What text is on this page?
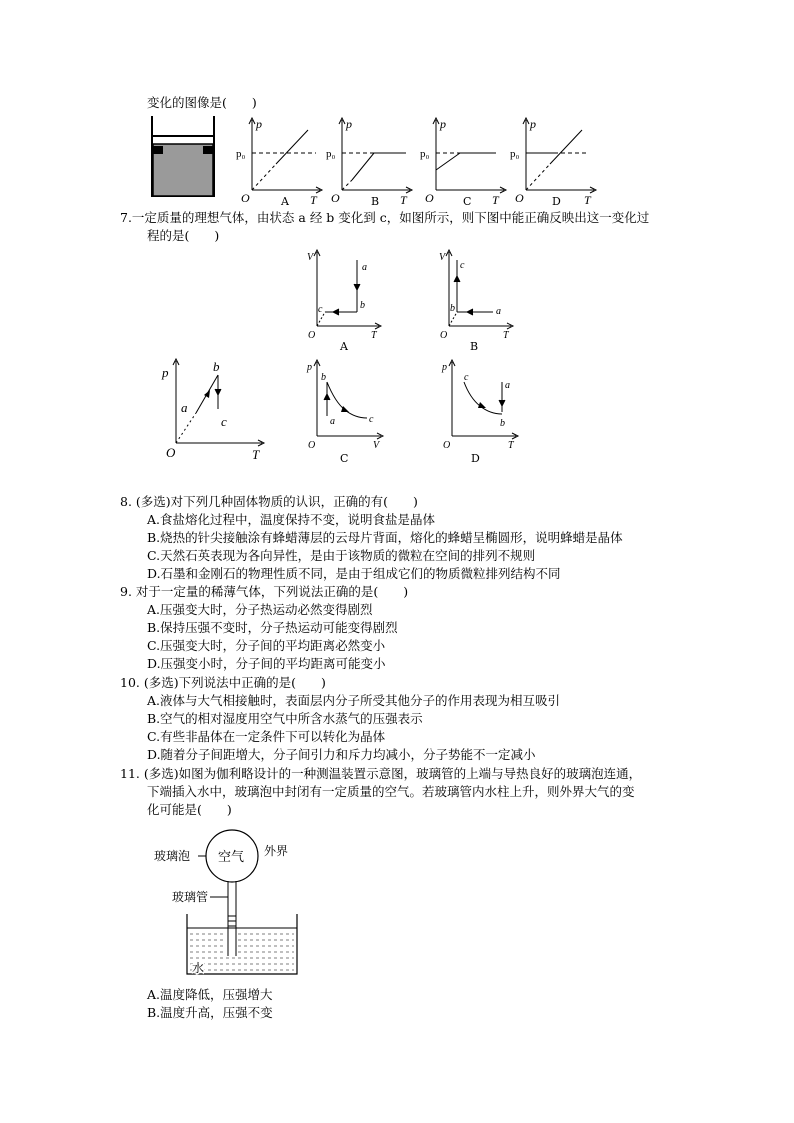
变化的图像是(　　)
p
p₀
O	T
A
p
p₀
O	T
B
p
p₀
O	T
C
p
p₀
O	T
D
7.一定质量的理想气体，由状态 a 经 b 变化到 c，如图所示，则下图中能正确反映出这一变化过
程的是(　　)
V
O	T
a
b
c
A
V
O	T
c
b	a
B
p
O	T
a
b
c
p
O	V
b
a	c
C
p
O	T
c
a
b
D
8. (多选)对下列几种固体物质的认识，正确的有(　　)
A.食盐熔化过程中，温度保持不变，说明食盐是晶体
B.烧热的针尖接触涂有蜂蜡薄层的云母片背面，熔化的蜂蜡呈椭圆形，说明蜂蜡是晶体
C.天然石英表现为各向异性，是由于该物质的微粒在空间的排列不规则
D.石墨和金刚石的物理性质不同，是由于组成它们的物质微粒排列结构不同
9. 对于一定量的稀薄气体，下列说法正确的是(　　)
A.压强变大时，分子热运动必然变得剧烈
B.保持压强不变时，分子热运动可能变得剧烈
C.压强变大时，分子间的平均距离必然变小
D.压强变小时，分子间的平均距离可能变小
10. (多选)下列说法中正确的是(　　)
A.液体与大气相接触时，表面层内分子所受其他分子的作用表现为相互吸引
B.空气的相对湿度用空气中所含水蒸气的压强表示
C.有些非晶体在一定条件下可以转化为晶体
D.随着分子间距增大，分子间引力和斥力均减小，分子势能不一定减小
11. (多选)如图为伽利略设计的一种测温装置示意图，玻璃管的上端与导热良好的玻璃泡连通，
下端插入水中，玻璃泡中封闭有一定质量的空气。若玻璃管内水柱上升，则外界大气的变
化可能是(　　)
玻璃泡 空气 外界
玻璃管
水
A.温度降低，压强增大
B.温度升高，压强不变
